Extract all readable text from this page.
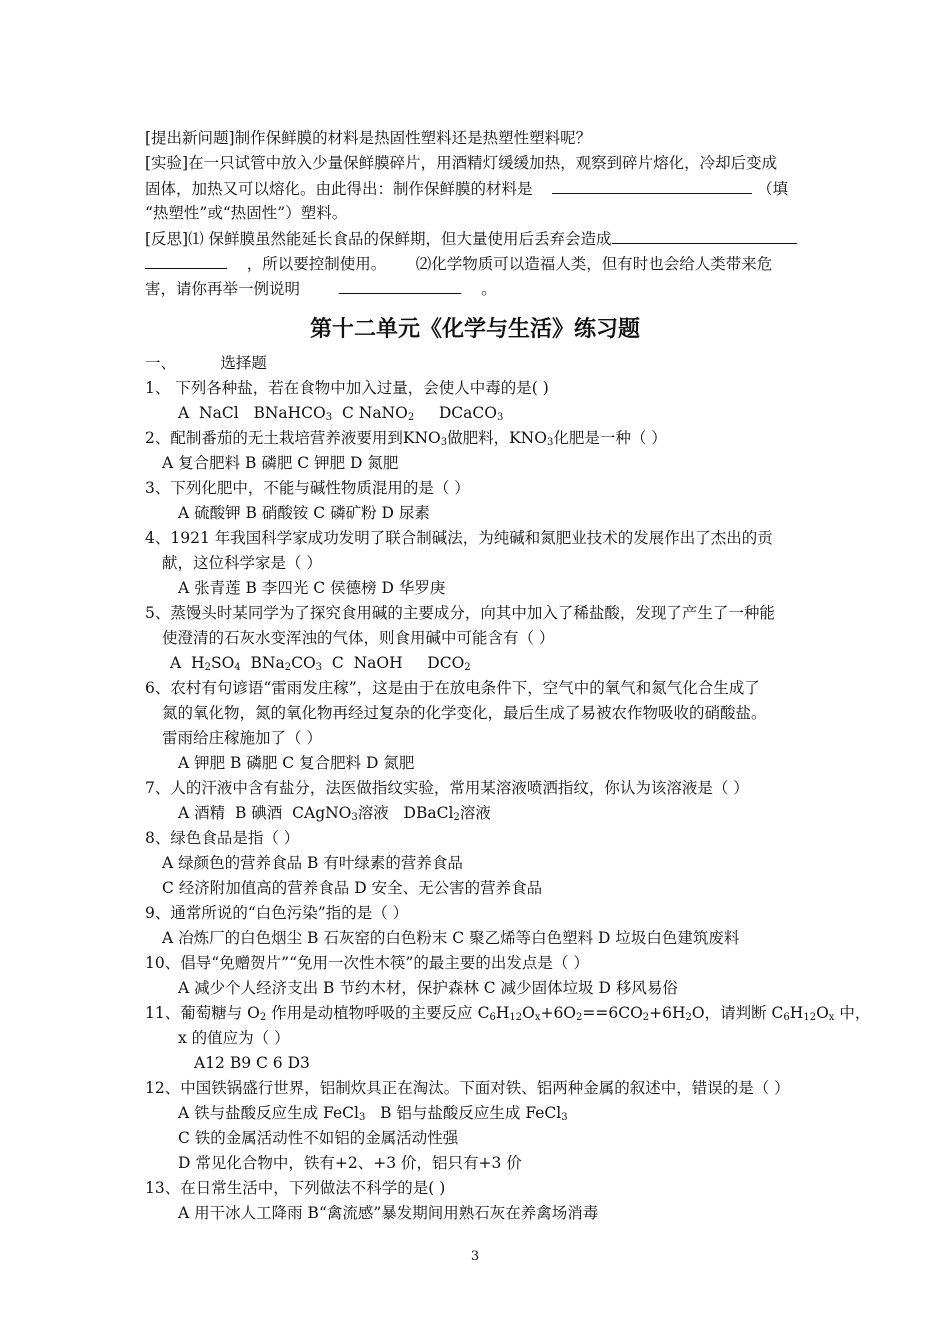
[提出新问题]制作保鲜膜的材料是热固性塑料还是热塑性塑料呢？
[实验]在一只试管中放入少量保鲜膜碎片，用酒精灯缓缓加热，观察到碎片熔化，冷却后变成
固体，加热又可以熔化。由此得出：制作保鲜膜的材料是	（填
“热塑性”或“热固性”）塑料。
[反思]⑴ 保鲜膜虽然能延长食品的保鲜期，但大量使用后丢弃会造成
，所以要控制使用。 ⑵化学物质可以造福人类，但有时也会给人类带来危
害，请你再举一例说明	。
第十二单元《化学与生活》练习题
一、	选择题
1、 下列各种盐，若在食物中加入过量，会使人中毒的是( )
A  NaCl   BNaHCO$_3$  C NaNO$_2$     DCaCO$_3$
2、配制番茄的无土栽培营养液要用到$KNO_3$做肥料，$KNO_3$化肥是一种（ ）
A 复合肥料 B 磷肥 C 钾肥 D 氮肥
3、下列化肥中，不能与碱性物质混用的是（ ）
A 硫酸钾 B 硝酸铵 C 磷矿粉 D 尿素
4、1921 年我国科学家成功发明了联合制碱法，为纯碱和氮肥业技术的发展作出了杰出的贡
献，这位科学家是（ ）
A 张青莲 B 李四光 C 侯德榜 D 华罗庚
5、蒸馒头时某同学为了探究食用碱的主要成分，向其中加入了稀盐酸，发现了产生了一种能
使澄清的石灰水变浑浊的气体，则食用碱中可能含有（ ）
A  $H_2SO_4$  $BNa_2CO_3$  C  NaOH     $DCO_2$
6、农村有句谚语“雷雨发庄稼”，这是由于在放电条件下，空气中的氧气和氮气化合生成了
氮的氧化物，氮的氧化物再经过复杂的化学变化，最后生成了易被农作物吸收的硝酸盐。
雷雨给庄稼施加了（ ）
A 钾肥 B 磷肥 C 复合肥料 D 氮肥
7、人的汗液中含有盐分，法医做指纹实验，常用某溶液喷洒指纹，你认为该溶液是（ ）
A 酒精  B 碘酒  CAgNO$_3$溶液   DBaCl$_2$溶液
8、绿色食品是指（ ）
A 绿颜色的营养食品 B 有叶绿素的营养食品
C 经济附加值高的营养食品 D 安全、无公害的营养食品
9、通常所说的“白色污染”指的是（ ）
A 冶炼厂的白色烟尘 B 石灰窑的白色粉末 C 聚乙烯等白色塑料 D 垃圾白色建筑废料
10、倡导“免赠贺片”“免用一次性木筷”的最主要的出发点是（ ）
A 减少个人经济支出 B 节约木材，保护森林 C 减少固体垃圾 D 移风易俗
11、葡萄糖与 $O_2$ 作用是动植物呼吸的主要反应 $C_6H_{12}O_x+6O_2==6CO_2+6H_2O$，请判断 $C_6H_{12}O_x$ 中，
x 的值应为（ ）
A12 B9 C 6 D3
12、中国铁锅盛行世界，铝制炊具正在淘汰。下面对铁、铝两种金属的叙述中，错误的是（ ）
A 铁与盐酸反应生成 FeCl$_3$   B 铝与盐酸反应生成 FeCl$_3$
C 铁的金属活动性不如铝的金属活动性强
D 常见化合物中，铁有+2、+3 价，铝只有+3 价
13、在日常生活中，下列做法不科学的是( )
A 用干冰人工降雨 B“禽流感”暴发期间用熟石灰在养禽场消毒
3
